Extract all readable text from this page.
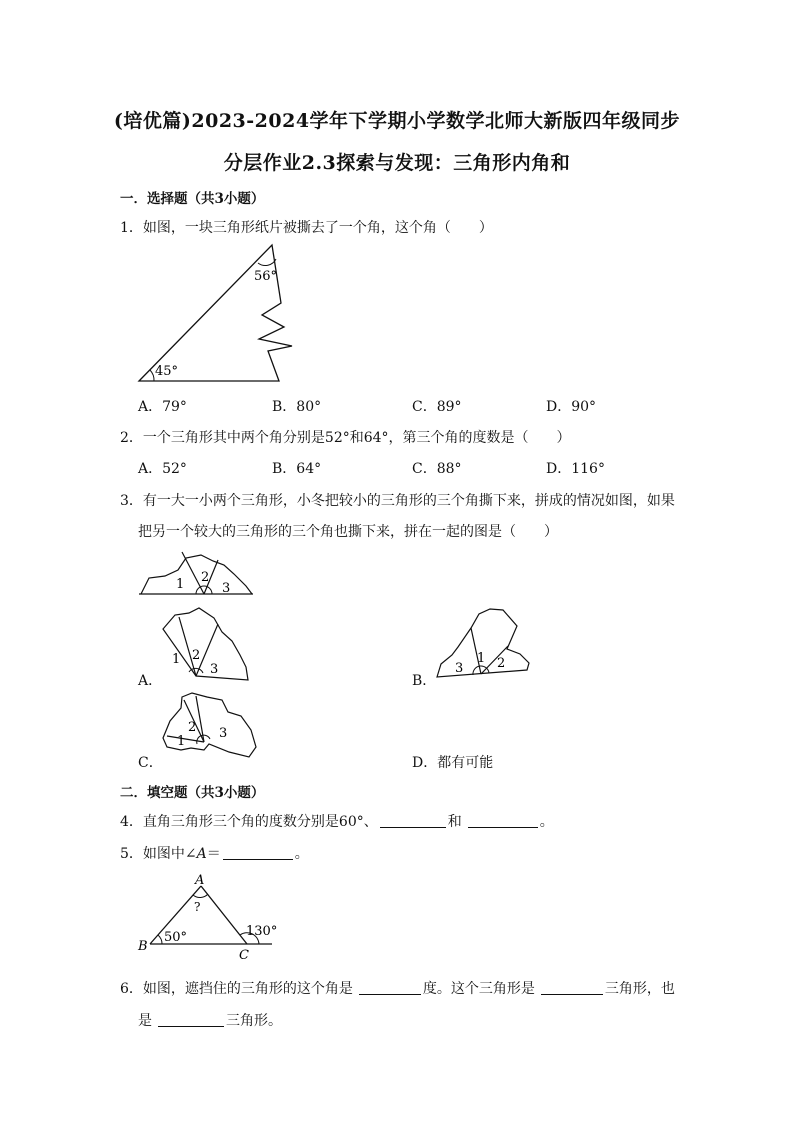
(培优篇)2023-2024学年下学期小学数学北师大新版四年级同步
分层作业2.3探索与发现：三角形内角和
一．选择题（共3小题）
1．如图，一块三角形纸片被撕去了一个角，这个角（　　）
56°
45°
A．79°	B．80°	C．89°	D．90°
2．一个三角形其中两个角分别是52°和64°，第三个角的度数是（　　）
A．52°	B．64°	C．88°	D．116°
3．有一大一小两个三角形，小冬把较小的三角形的三个角撕下来，拼成的情况如图，如果
把另一个较大的三角形的三个角也撕下来，拼在一起的图是（　　）
1 2
3
1 2
3
A．
3
1 2
B．
1
2 3
C．	D．都有可能
二．填空题（共3小题）
4．直角三角形三个角的度数分别是60°、	和	。
5．如图中∠A＝	。
A
?
B
50°	130°
C
6．如图，遮挡住的三角形的这个角是	度。这个三角形是	三角形，也
是	三角形。
